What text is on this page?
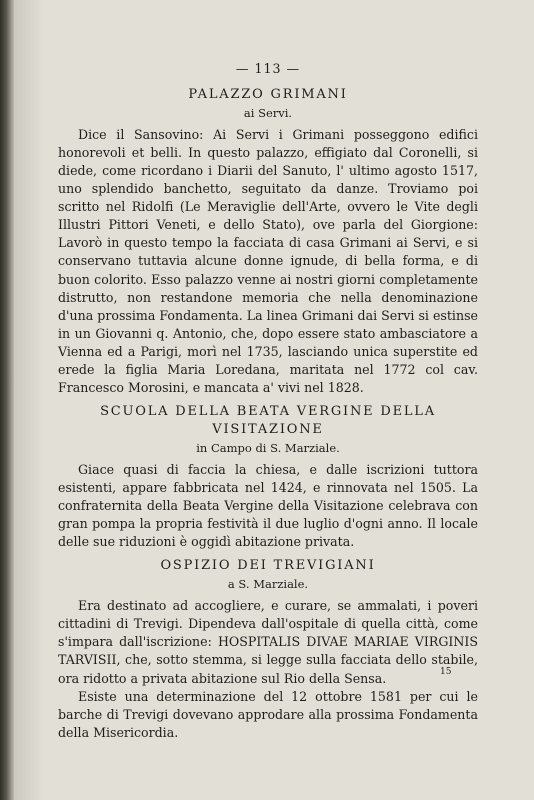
— 113 —
PALAZZO GRIMANI
ai Servi.

Dice il Sansovino: Ai Servi i Grimani posseggono edifici honorevoli et belli. In questo palazzo, effigiato dal Coronelli, si diede, come ricordano i Diarii del Sanuto, l' ultimo agosto 1517, uno splendido banchetto, seguitato da danze. Troviamo poi scritto nel Ridolfi (Le Meraviglie dell'Arte, ovvero le Vite degli Illustri Pittori Veneti, e dello Stato), ove parla del Giorgione: Lavorò in questo tempo la facciata di casa Grimani ai Servi, e si conservano tuttavia alcune donne ignude, di bella forma, e di buon colorito. Esso palazzo venne ai nostri giorni completamente distrutto, non restandone memoria che nella denominazione d'una prossima Fondamenta. La linea Grimani dai Servi si estinse in un Giovanni q. Antonio, che, dopo essere stato ambasciatore a Vienna ed a Parigi, morì nel 1735, lasciando unica superstite ed erede la figlia Maria Loredana, maritata nel 1772 col cav. Francesco Morosini, e mancata a' vivi nel 1828.

SCUOLA DELLA BEATA VERGINE DELLA VISITAZIONE
in Campo di S. Marziale.

Giace quasi di faccia la chiesa, e dalle iscrizioni tuttora esistenti, appare fabbricata nel 1424, e rinnovata nel 1505. La confraternita della Beata Vergine della Visitazione celebrava con gran pompa la propria festività il due luglio d'ogni anno. Il locale delle sue riduzioni è oggidì abitazione privata.

OSPIZIO DEI TREVIGIANI
a S. Marziale.

Era destinato ad accogliere, e curare, se ammalati, i poveri cittadini di Trevigi. Dipendeva dall'ospitale di quella città, come s'impara dall'iscrizione: HOSPITALIS DIVAE MARIAE VIRGINIS TARVISII, che, sotto stemma, si legge sulla facciata dello stabile, ora ridotto a privata abitazione sul Rio della Sensa.

Esiste una determinazione del 12 ottobre 1581 per cui le barche di Trevigi dovevano approdare alla prossima Fondamenta della Misericordia.

15
